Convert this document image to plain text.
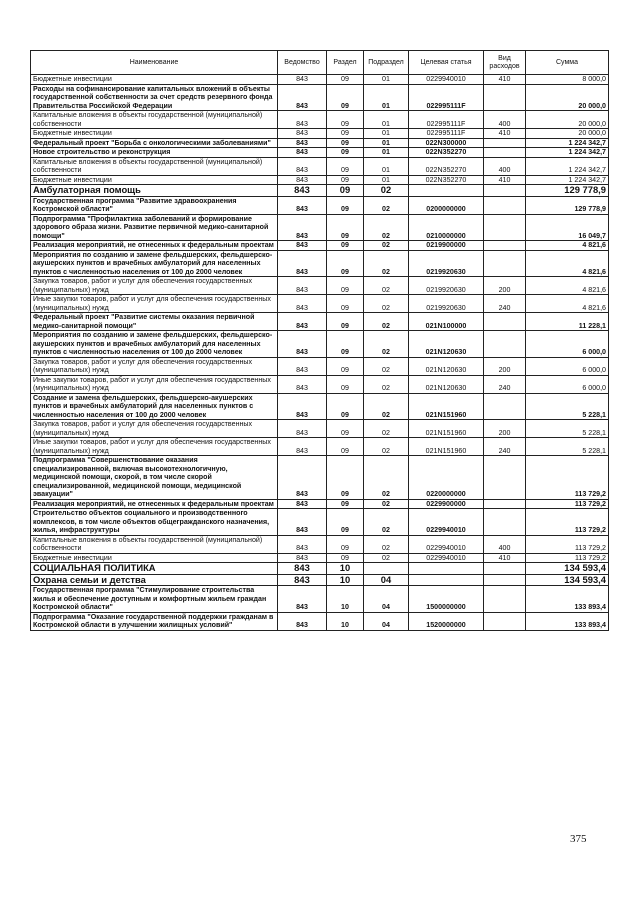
Наименование	Ведомство	Раздел	Подраздел	Целевая статья	Вид расходов	Сумма
Бюджетные инвестиции	843	09	01	0229940010	410	8 000,0
Расходы на софинансирование капитальных вложений в объекты государственной собственности за счет средств резервного фонда Правительства Российской Федерации	843	09	01	022995111F		20 000,0
Капитальные вложения в объекты государственной (муниципальной) собственности	843	09	01	022995111F	400	20 000,0
Бюджетные инвестиции	843	09	01	022995111F	410	20 000,0
Федеральный проект "Борьба с онкологическими заболеваниями"	843	09	01	022N300000		1 224 342,7
Новое строительство и реконструкция	843	09	01	022N352270		1 224 342,7
Капитальные вложения в объекты государственной (муниципальной) собственности	843	09	01	022N352270	400	1 224 342,7
Бюджетные инвестиции	843	09	01	022N352270	410	1 224 342,7
Амбулаторная помощь	843	09	02			129 778,9
Государственная программа "Развитие здравоохранения Костромской области"	843	09	02	0200000000		129 778,9
Подпрограмма "Профилактика заболеваний и формирование здорового образа жизни. Развитие первичной медико-санитарной помощи"	843	09	02	0210000000		16 049,7
Реализация мероприятий, не отнесенных к федеральным проектам	843	09	02	0219900000		4 821,6
Мероприятия по созданию и замене фельдшерских, фельдшерско-акушерских пунктов и врачебных амбулаторий для населенных пунктов с численностью населения от 100 до 2000 человек	843	09	02	0219920630		4 821,6
Закупка товаров, работ и услуг для обеспечения государственных (муниципальных) нужд	843	09	02	0219920630	200	4 821,6
Иные закупки товаров, работ и услуг для обеспечения государственных (муниципальных) нужд	843	09	02	0219920630	240	4 821,6
Федеральный проект "Развитие системы оказания первичной медико-санитарной помощи"	843	09	02	021N100000		11 228,1
Мероприятия по созданию и замене фельдшерских, фельдшерско-акушерских пунктов и врачебных амбулаторий для населенных пунктов с численностью населения от 100 до 2000 человек	843	09	02	021N120630		6 000,0
Закупка товаров, работ и услуг для обеспечения государственных (муниципальных) нужд	843	09	02	021N120630	200	6 000,0
Иные закупки товаров, работ и услуг для обеспечения государственных (муниципальных) нужд	843	09	02	021N120630	240	6 000,0
Создание и замена фельдшерских, фельдшерско-акушерских пунктов и врачебных амбулаторий для населенных пунктов с численностью населения от 100 до 2000 человек	843	09	02	021N151960		5 228,1
Закупка товаров, работ и услуг для обеспечения государственных (муниципальных) нужд	843	09	02	021N151960	200	5 228,1
Иные закупки товаров, работ и услуг для обеспечения государственных (муниципальных) нужд	843	09	02	021N151960	240	5 228,1
Подпрограмма "Совершенствование оказания специализированной, включая высокотехнологичную, медицинской помощи, скорой, в том числе скорой специализированной, медицинской помощи, медицинской эвакуации"	843	09	02	0220000000		113 729,2
Реализация мероприятий, не отнесенных к федеральным проектам	843	09	02	0229900000		113 729,2
Строительство объектов социального и производственного комплексов, в том числе объектов общегражданского назначения, жилья, инфраструктуры	843	09	02	0229940010		113 729,2
Капитальные вложения в объекты государственной (муниципальной) собственности	843	09	02	0229940010	400	113 729,2
Бюджетные инвестиции	843	09	02	0229940010	410	113 729,2
СОЦИАЛЬНАЯ ПОЛИТИКА	843	10				134 593,4
Охрана семьи и детства	843	10	04			134 593,4
Государственная программа "Стимулирование строительства жилья и обеспечение доступным и комфортным жильем граждан Костромской области"	843	10	04	1500000000		133 893,4
Подпрограмма "Оказание государственной поддержки гражданам в Костромской области в улучшении жилищных условий"	843	10	04	1520000000		133 893,4
375
